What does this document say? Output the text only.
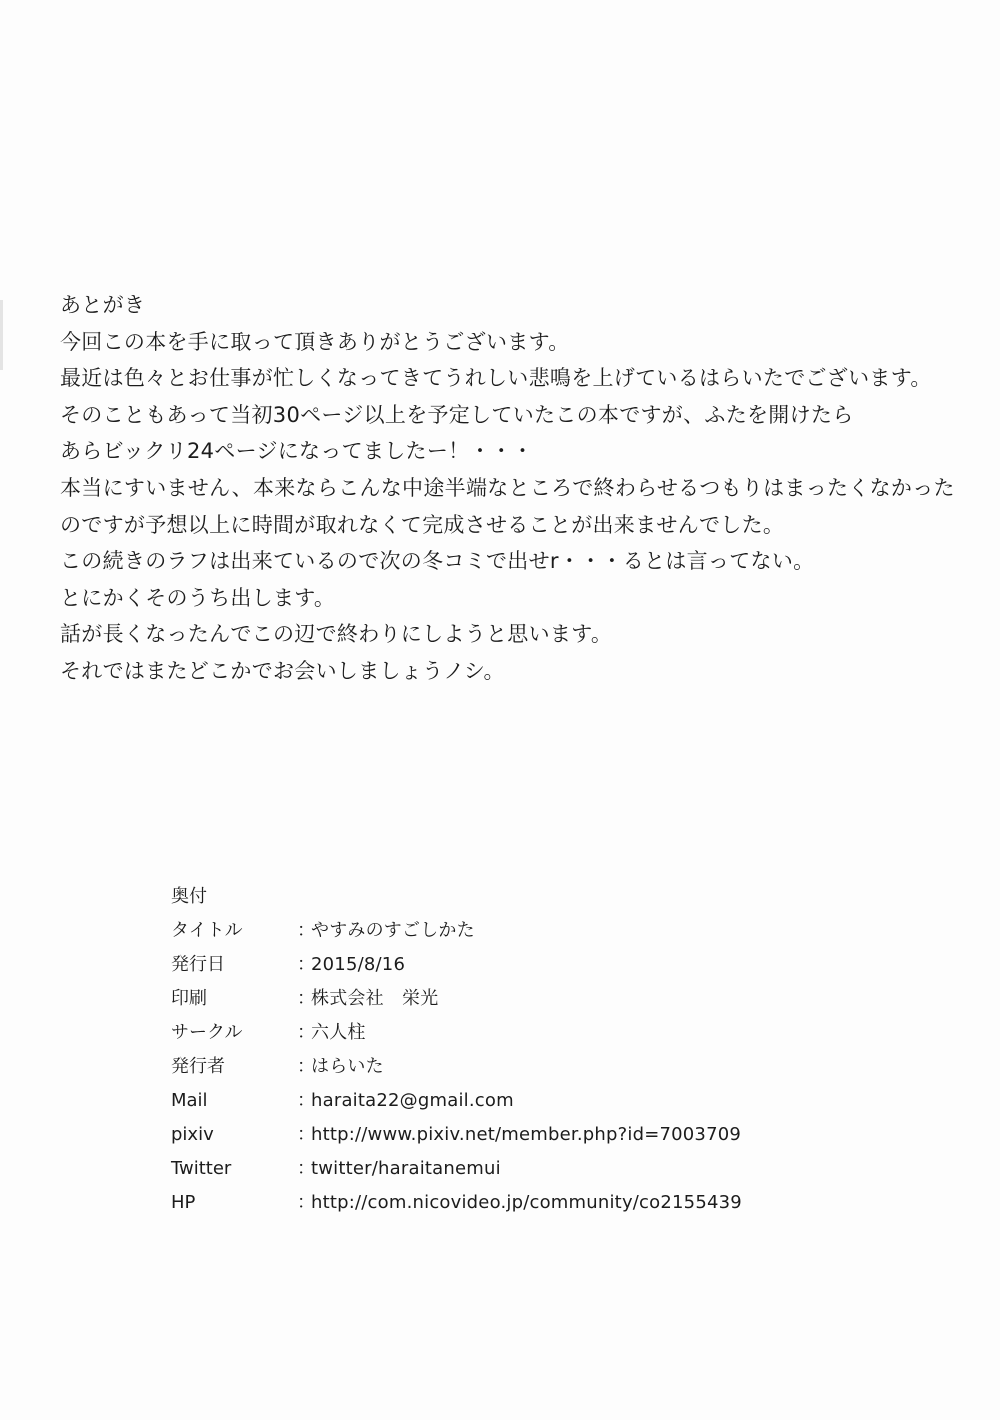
あとがき
今回この本を手に取って頂きありがとうございます。
最近は色々とお仕事が忙しくなってきてうれしい悲鳴を上げているはらいたでございます。
そのこともあって当初30ページ以上を予定していたこの本ですが、ふたを開けたら
あらビックリ24ページになってましたー！・・・
本当にすいません、本来ならこんな中途半端なところで終わらせるつもりはまったくなかった
のですが予想以上に時間が取れなくて完成させることが出来ませんでした。
この続きのラフは出来ているので次の冬コミで出せr・・・るとは言ってない。
とにかくそのうち出します。
話が長くなったんでこの辺で終わりにしようと思います。
それではまたどこかでお会いしましょうノシ。
奥付
タイトル	：
やすみのすごしかた
発行日	：
2015/8/16
印刷	：
株式会社　栄光
サークル	：
六人柱
発行者	：
はらいた
Mail	：
haraita22@gmail.com
pixiv	：
http://www.pixiv.net/member.php?id=7003709
Twitter	：
twitter/haraitanemui
HP	：
http://com.nicovideo.jp/community/co2155439
